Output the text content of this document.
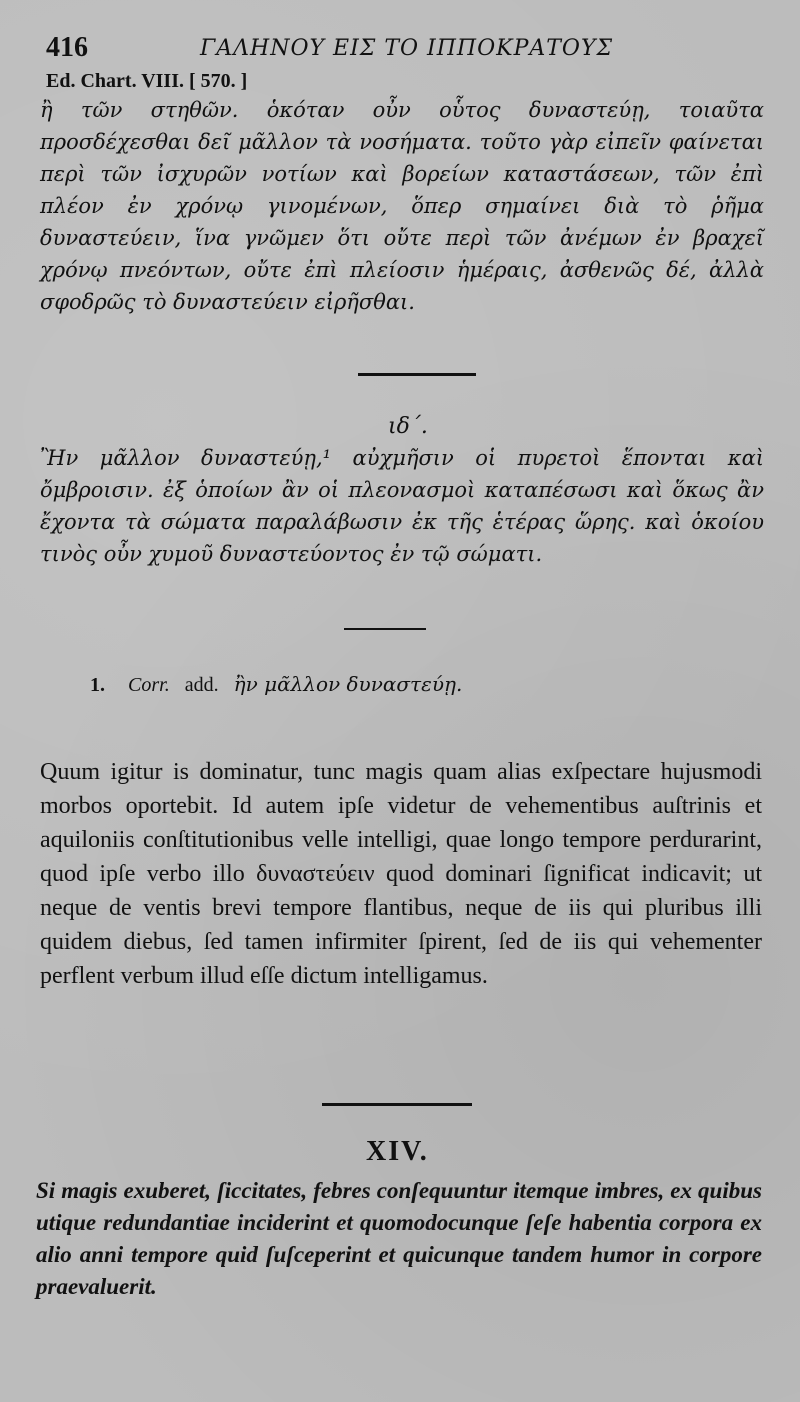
416	ΓΑΛΗΝΟΥ ΕΙΣ ΤΟ ΙΠΠΟΚΡΑΤΟΥΣ
Ed. Chart. VIII. [ 570. ]

ἢ τῶν στηθῶν. ὁκόταν οὖν οὗτος δυναστεύῃ, τοιαῦτα προσδέχεσθαι δεῖ μᾶλλον τὰ νοσήματα. τοῦτο γὰρ εἰπεῖν φαίνεται περὶ τῶν ἰσχυρῶν νοτίων καὶ βορείων καταστάσεων, τῶν ἐπὶ πλέον ἐν χρόνῳ γινομένων, ὅπερ σημαίνει διὰ τὸ ῥῆμα δυναστεύειν, ἵνα γνῶμεν ὅτι οὔτε περὶ τῶν ἀνέμων ἐν βραχεῖ χρόνῳ πνεόντων, οὔτε ἐπὶ πλείοσιν ἡμέραις, ἀσθενῶς δέ, ἀλλὰ σφοδρῶς τὸ δυναστεύειν εἰρῆσθαι.

ιδ΄.

Ἢν μᾶλλον δυναστεύῃ,¹ αὐχμῆσιν οἱ πυρετοὶ ἕπονται καὶ ὄμβροισιν. ἐξ ὁποίων ἂν οἱ πλεονασμοὶ καταπέσωσι καὶ ὅκως ἂν ἔχοντα τὰ σώματα παραλάβωσιν ἐκ τῆς ἑτέρας ὥρης. καὶ ὁκοίου τινὸς οὖν χυμοῦ δυναστεύοντος ἐν τῷ σώματι.

1. Corr. add. ἢν μᾶλλον δυναστεύῃ.

Quum igitur is dominatur, tunc magis quam alias exſpectare hujusmodi morbos oportebit. Id autem ipſe videtur de vehementibus auſtrinis et aquiloniis conſtitutionibus velle intelligi, quae longo tempore perdurarint, quod ipſe verbo illo δυναστεύειν quod dominari ſignificat indicavit; ut neque de ventis brevi tempore flantibus, neque de iis qui pluribus illi quidem diebus, ſed tamen infirmiter ſpirent, ſed de iis qui vehementer perflent verbum illud eſſe dictum intelligamus.

XIV.

Si magis exuberet, ſiccitates, febres conſequuntur itemque imbres, ex quibus utique redundantiae inciderint et quomodocunque ſeſe habentia corpora ex alio anni tempore quid ſuſceperint et quicunque tandem humor in corpore praevaluerit.
